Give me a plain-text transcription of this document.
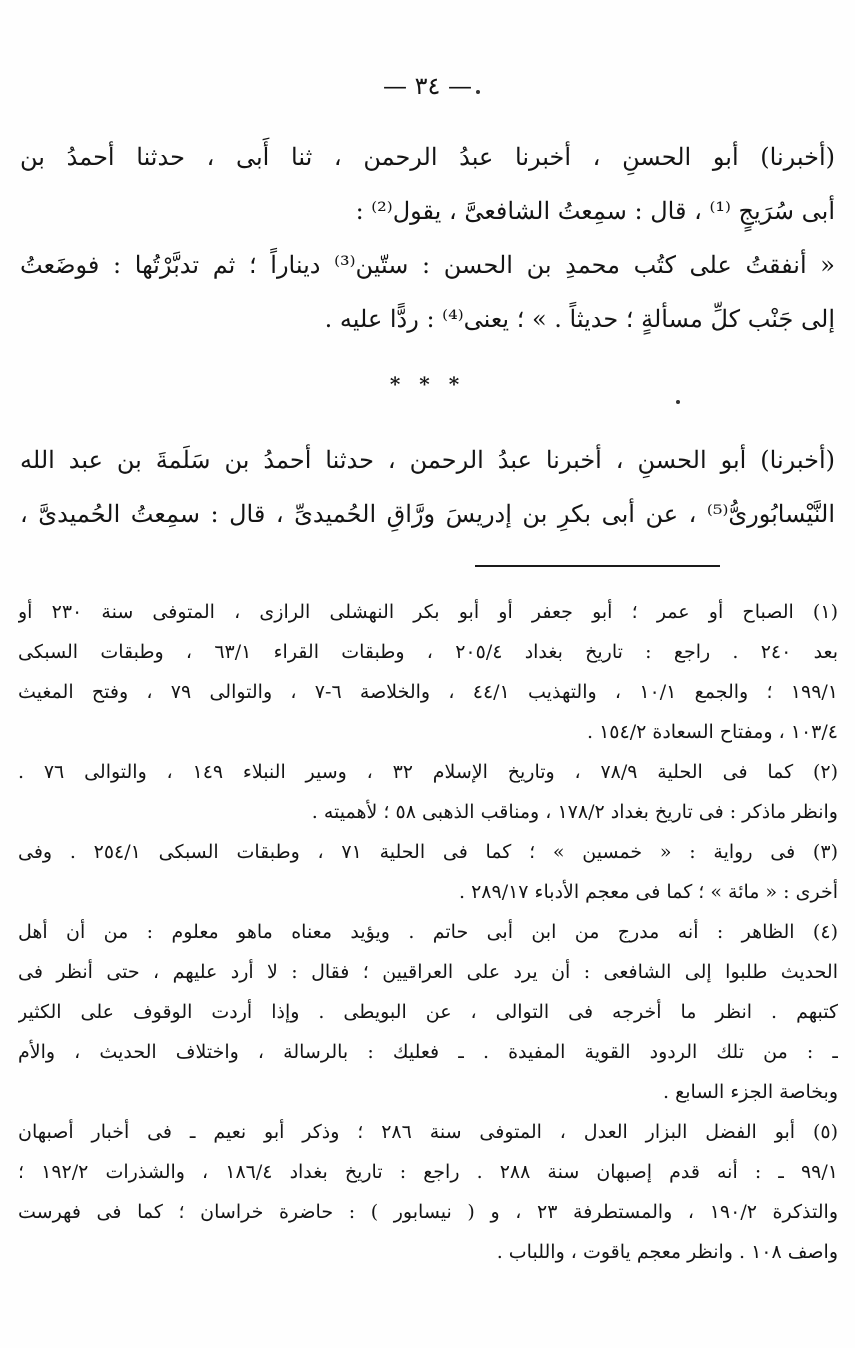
— ٣٤ —
(أخبرنا) أبو الحسنِ ، أخبرنا عبدُ الرحمن ، ثنا أَبى ، حدثنا أحمدُ بن
أبى سُرَيجٍ ⁽¹⁾ ، قال : سمِعتُ الشافعىَّ ، يقول⁽²⁾ :
« أنفقتُ على كتُب محمدِ بن الحسن : ستّين⁽³⁾ ديناراً ؛ ثم تدبَّرْتُها : فوضَعتُ
إلى جَنْب كلِّ مسألةٍ ؛ حديثاً . » ؛ يعنى⁽⁴⁾ : ردًّا عليه .
* * *
(أخبرنا) أبو الحسنِ ، أخبرنا عبدُ الرحمن ، حدثنا أحمدُ بن سَلَمةَ بن عبد الله
النَّيْسابُورىُّ⁽⁵⁾ ، عن أبى بكرِ بن إدريسَ ورَّاقِ الحُميدىِّ ، قال : سمِعتُ الحُميدىَّ ،
(١) الصباح أو عمر ؛ أبو جعفر أو أبو بكر النهشلى الرازى ، المتوفى سنة ٢٣٠ أو
بعد ٢٤٠ . راجع : تاريخ بغداد ٢٠٥/٤ ، وطبقات القراء ٦٣/١ ، وطبقات السبكى
١٩٩/١ ؛ والجمع ١٠/١ ، والتهذيب ٤٤/١ ، والخلاصة ٦-٧ ، والتوالى ٧٩ ، وفتح المغيث
١٠٣/٤ ، ومفتاح السعادة ١٥٤/٢ .
(٢) كما فى الحلية ٧٨/٩ ، وتاريخ الإسلام ٣٢ ، وسير النبلاء ١٤٩ ، والتوالى ٧٦ .
وانظر ماذكر : فى تاريخ بغداد ١٧٨/٢ ، ومناقب الذهبى ٥٨ ؛ لأهميته .
(٣) فى رواية : « خمسين » ؛ كما فى الحلية ٧١ ، وطبقات السبكى ٢٥٤/١ . وفى
أخرى : « مائة » ؛ كما فى معجم الأدباء ٢٨٩/١٧ .
(٤) الظاهر : أنه مدرج من ابن أبى حاتم . ويؤيد معناه ماهو معلوم : من أن أهل
الحديث طلبوا إلى الشافعى : أن يرد على العراقيين ؛ فقال : لا أرد عليهم ، حتى أنظر فى
كتبهم . انظر ما أخرجه فى التوالى ، عن البويطى . وإذا أردت الوقوف على الكثير
ـ : من تلك الردود القوية المفيدة . ـ فعليك : بالرسالة ، واختلاف الحديث ، والأم
وبخاصة الجزء السابع .
(٥) أبو الفضل البزار العدل ، المتوفى سنة ٢٨٦ ؛ وذكر أبو نعيم ـ فى أخبار أصبهان
٩٩/١ ـ : أنه قدم إصبهان سنة ٢٨٨ . راجع : تاريخ بغداد ١٨٦/٤ ، والشذرات ١٩٢/٢ ؛
والتذكرة ١٩٠/٢ ، والمستطرفة ٢٣ ، و ( نيسابور ) : حاضرة خراسان ؛ كما فى فهرست
واصف ١٠٨ . وانظر معجم ياقوت ، واللباب .
